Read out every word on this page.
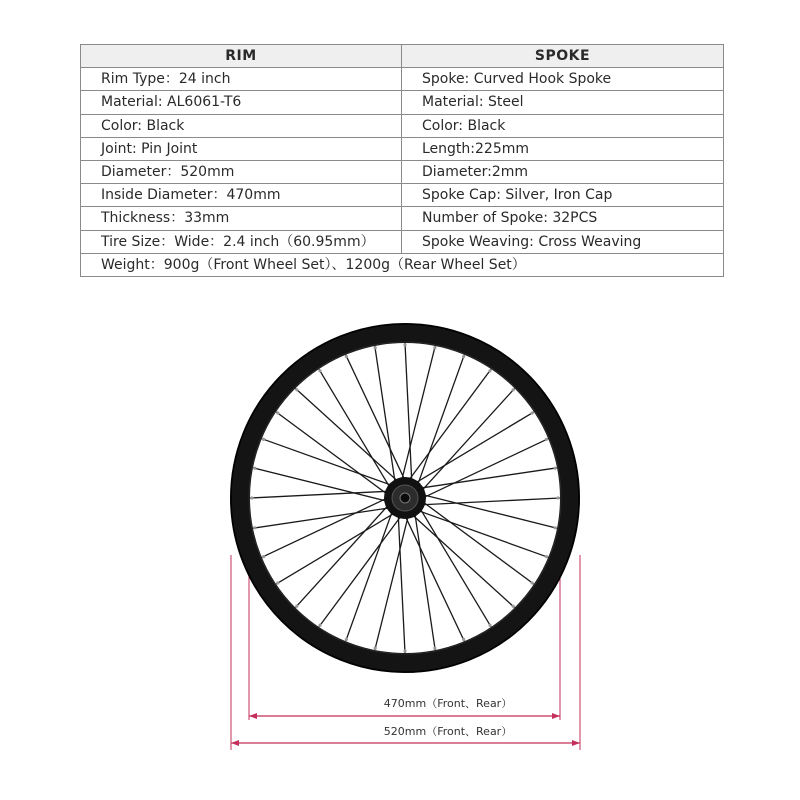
RIM	SPOKE
Rim Type：24 inch	Spoke: Curved Hook Spoke
Material: AL6061-T6	Material: Steel
Color: Black	Color: Black
Joint: Pin Joint	Length:225mm
Diameter：520mm	Diameter:2mm
Inside Diameter：470mm	Spoke Cap: Silver, Iron Cap
Thickness：33mm	Number of Spoke: 32PCS
Tire Size：Wide：2.4 inch（60.95mm）	Spoke Weaving: Cross Weaving
Weight：900g（Front Wheel Set）、1200g（Rear Wheel Set）	
470mm（Front、Rear）
520mm（Front、Rear）
